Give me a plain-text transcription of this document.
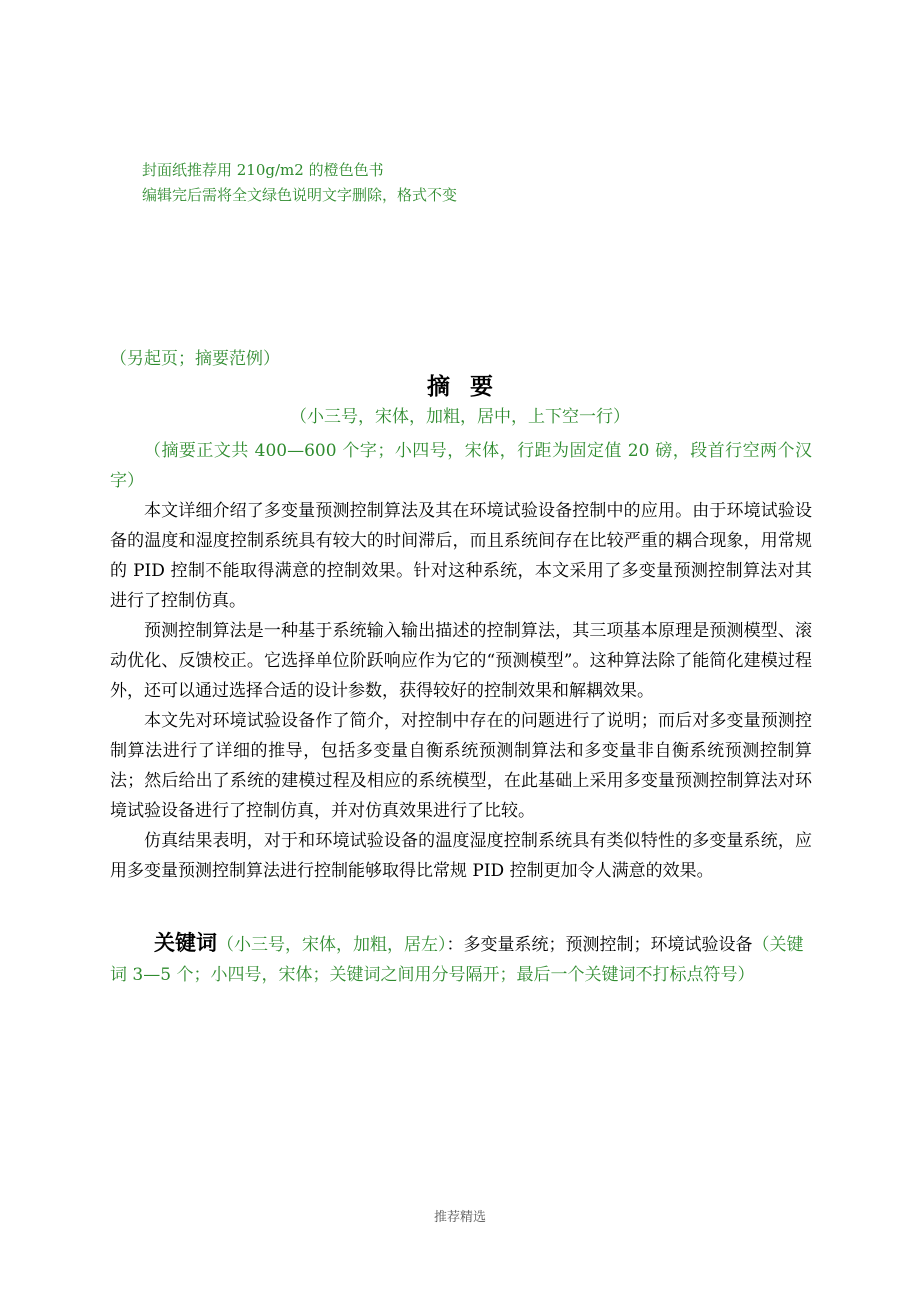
封面纸推荐用 210g/m2 的橙色色书
编辑完后需将全文绿色说明文字删除，格式不变
（另起页；摘要范例）
摘 要
（小三号，宋体，加粗，居中，上下空一行）

（摘要正文共 400—600 个字；小四号，宋体，行距为固定值 20 磅，段首行空两个汉字）

本文详细介绍了多变量预测控制算法及其在环境试验设备控制中的应用。由于环境试验设备的温度和湿度控制系统具有较大的时间滞后，而且系统间存在比较严重的耦合现象，用常规的 PID 控制不能取得满意的控制效果。针对这种系统，本文采用了多变量预测控制算法对其进行了控制仿真。

预测控制算法是一种基于系统输入输出描述的控制算法，其三项基本原理是预测模型、滚动优化、反馈校正。它选择单位阶跃响应作为它的“预测模型”。这种算法除了能简化建模过程外，还可以通过选择合适的设计参数，获得较好的控制效果和解耦效果。

本文先对环境试验设备作了简介，对控制中存在的问题进行了说明；而后对多变量预测控制算法进行了详细的推导，包括多变量自衡系统预测制算法和多变量非自衡系统预测控制算法；然后给出了系统的建模过程及相应的系统模型，在此基础上采用多变量预测控制算法对环境试验设备进行了控制仿真，并对仿真效果进行了比较。

仿真结果表明，对于和环境试验设备的温度湿度控制系统具有类似特性的多变量系统，应用多变量预测控制算法进行控制能够取得比常规 PID 控制更加令人满意的效果。

关键词（小三号，宋体，加粗，居左）：多变量系统；预测控制；环境试验设备（关键词 3—5 个；小四号，宋体；关键词之间用分号隔开；最后一个关键词不打标点符号）
推荐精选
